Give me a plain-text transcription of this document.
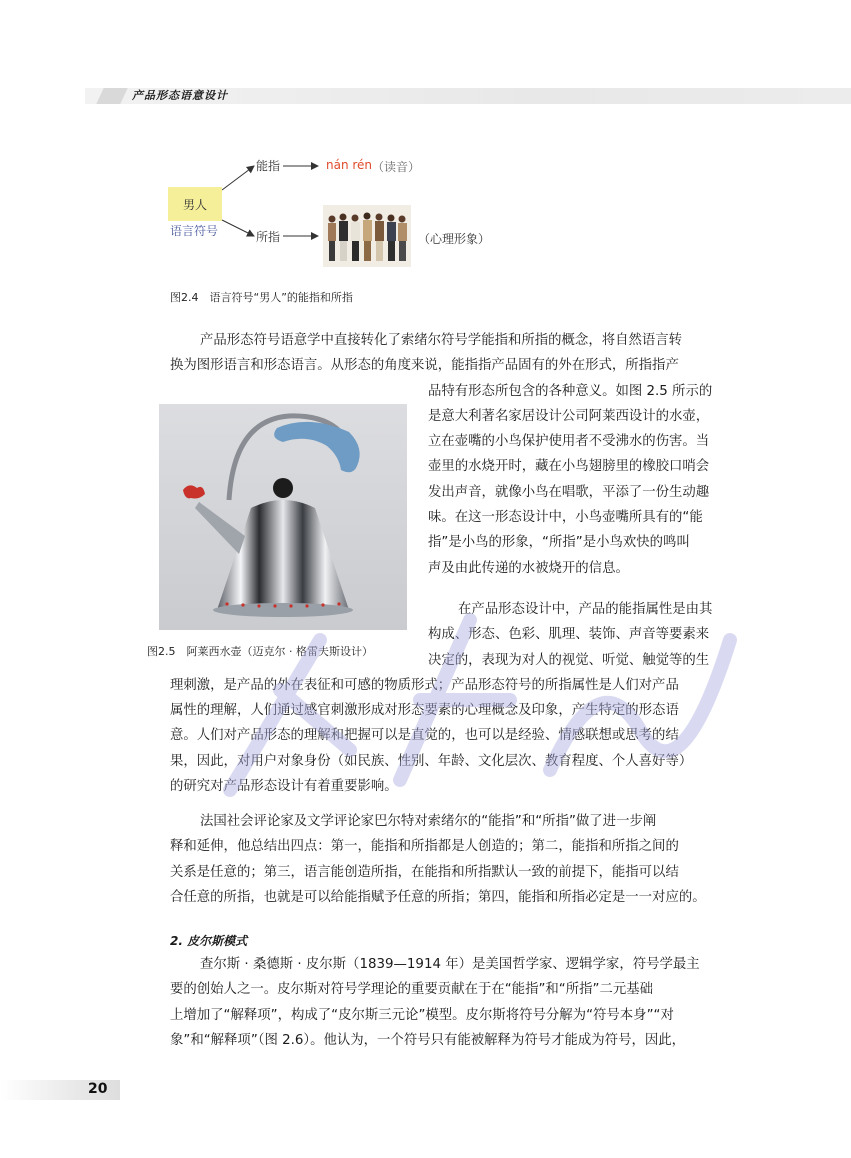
产品形态语意设计
男人
语言符号
能指
所指
nán rén （读音）
（心理形象）
图2.4　语言符号“男人”的能指和所指
产品形态符号语意学中直接转化了索绪尔符号学能指和所指的概念，将自然语言转
换为图形语言和形态语言。从形态的角度来说，能指指产品固有的外在形式，所指指产
品特有形态所包含的各种意义。如图 2.5 所示的
是意大利著名家居设计公司阿莱西设计的水壶，
立在壶嘴的小鸟保护使用者不受沸水的伤害。当
壶里的水烧开时，藏在小鸟翅膀里的橡胶口哨会
发出声音，就像小鸟在唱歌，平添了一份生动趣
味。在这一形态设计中，小鸟壶嘴所具有的“能
指”是小鸟的形象，“所指”是小鸟欢快的鸣叫
声及由此传递的水被烧开的信息。
在产品形态设计中，产品的能指属性是由其
构成、形态、色彩、肌理、装饰、声音等要素来
决定的，表现为对人的视觉、听觉、触觉等的生
理刺激，是产品的外在表征和可感的物质形式；产品形态符号的所指属性是人们对产品
属性的理解，人们通过感官刺激形成对形态要素的心理概念及印象，产生特定的形态语
意。人们对产品形态的理解和把握可以是直觉的，也可以是经验、情感联想或思考的结
果，因此，对用户对象身份（如民族、性别、年龄、文化层次、教育程度、个人喜好等）
的研究对产品形态设计有着重要影响。
图2.5　阿莱西水壶（迈克尔 · 格雷夫斯设计）
法国社会评论家及文学评论家巴尔特对索绪尔的“能指”和“所指”做了进一步阐
释和延伸，他总结出四点：第一，能指和所指都是人创造的；第二，能指和所指之间的
关系是任意的；第三，语言能创造所指，在能指和所指默认一致的前提下，能指可以结
合任意的所指，也就是可以给能指赋予任意的所指；第四，能指和所指必定是一一对应的。
2. 皮尔斯模式
查尔斯 · 桑德斯 · 皮尔斯（1839—1914 年）是美国哲学家、逻辑学家，符号学最主
要的创始人之一。皮尔斯对符号学理论的重要贡献在于在“能指”和“所指”二元基础
上增加了“解释项”，构成了“皮尔斯三元论”模型。皮尔斯将符号分解为“符号本身”“对
象”和“解释项”（图 2.6）。他认为，一个符号只有能被解释为符号才能成为符号，因此，
20
